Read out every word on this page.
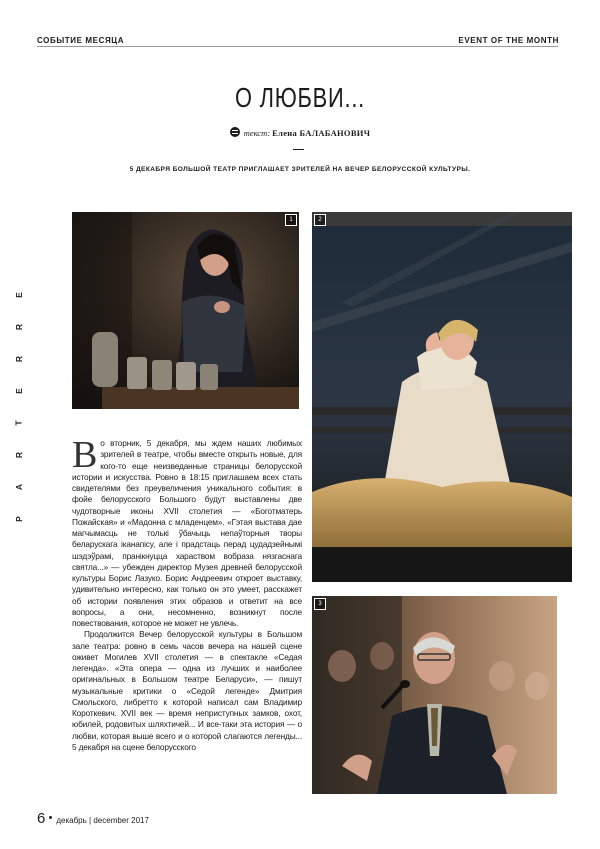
СОБЫТИЕ МЕСЯЦА	EVENT OF THE MONTH
О ЛЮБВИ...
текст: Елена БАЛАБАНОВИЧ
5 ДЕКАБРЯ БОЛЬШОЙ ТЕАТР ПРИГЛАШАЕТ ЗРИТЕЛЕЙ НА ВЕЧЕР БЕЛОРУССКОЙ КУЛЬТУРЫ.
E
R
R
E
T
R
A
P
1	2
3

Во вторник, 5 декабря, мы ждем наших любимых зрителей в театре, чтобы вместе открыть новые, для кого-то еще неизведанные страницы белорусской истории и искусства. Ровно в 18:15 приглашаем всех стать свидетелями без преувеличения уникального события: в фойе белорусского Большого будут выставлены две чудотворные иконы XVII столетия — «Боготматерь Пожайская» и «Мадонна с младенцем». «Гэтая выстава дае магчымасць не толькі ўбачыць непаўторныя творы беларускага іканапісу, але і прадстаць перад цудадзейнымі шэдэўрамі, пранікнуцца хараством вобраза нязгаснага святла...» — убежден директор Музея древней белорусской культуры Борис Лазуко. Борис Андреевич откроет выставку, удивительно интересно, как только он это умеет, расскажет об истории появления этих образов и ответит на все вопросы, а они, несомненно, возникнут после повествования, которое не может не увлечь.

Продолжится Вечер белорусской культуры в Большом зале театра: ровно в семь часов вечера на нашей сцене оживет Могилев XVII столетия — в спектакле «Седая легенда». «Эта опера — одна из лучших и наиболее оригинальных в Большом театре Беларуси», — пишут музыкальные критики о «Седой легенде» Дмитрия Смольского, либретто к которой написал сам Владимир Короткевич. XVII век — время неприступных замков, охот, юбилей, родовитых шляхтичей... И все-таки эта история — о любви, которая выше всего и о которой слагаются легенды... 5 декабря на сцене белорусского

6 декабрь | december 2017
